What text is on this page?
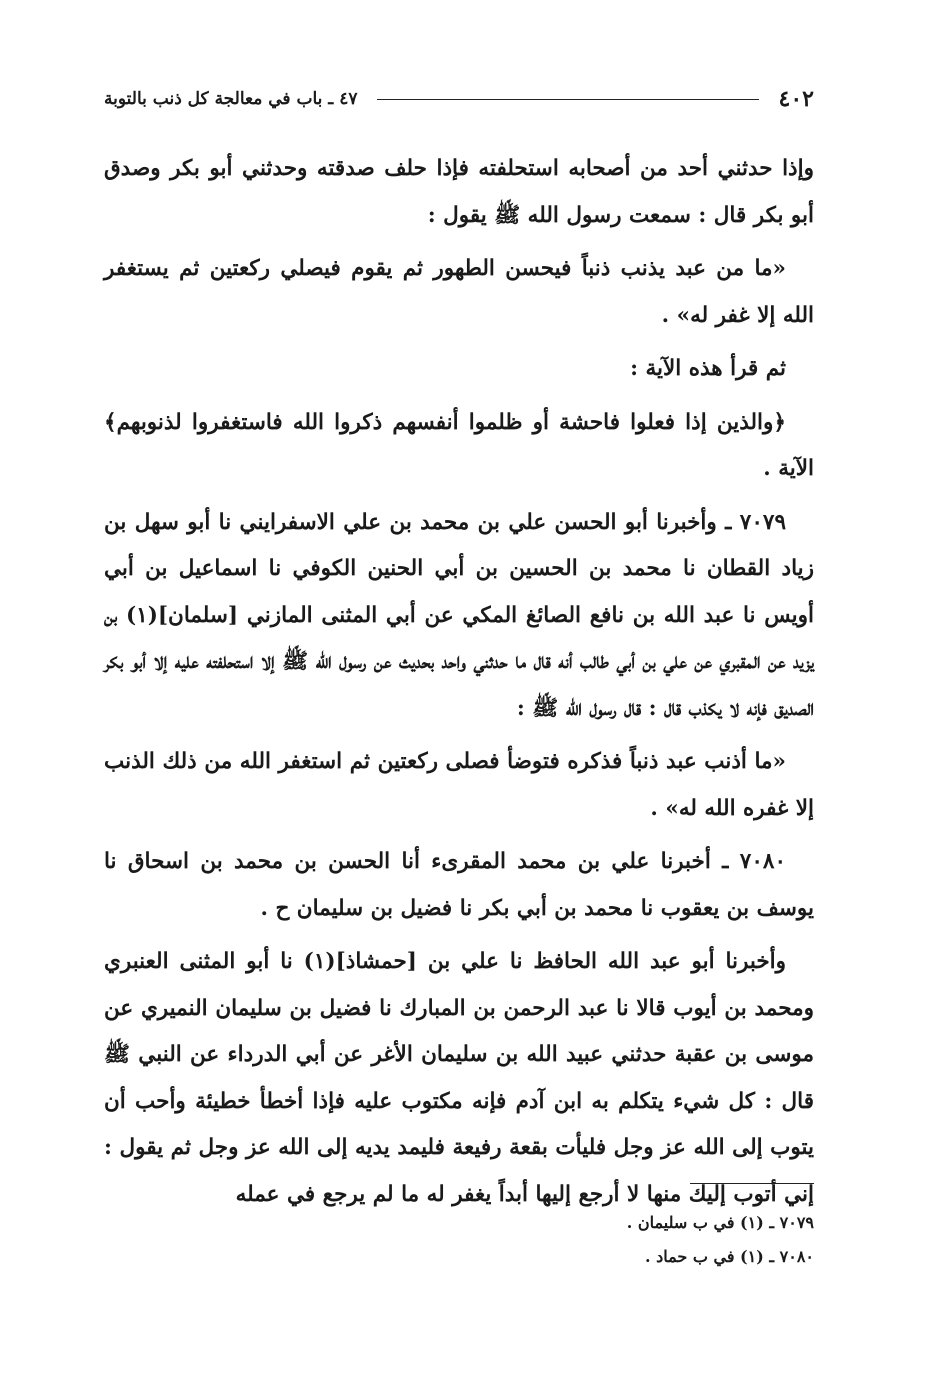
٤٠٢
٤٧ ـ باب في معالجة كل ذنب بالتوبة

وإذا حدثني أحد من أصحابه استحلفته فإذا حلف صدقته وحدثني أبو بكر وصدق أبو بكر قال : سمعت رسول الله ﷺ يقول :

«ما من عبد يذنب ذنباً فيحسن الطهور ثم يقوم فيصلي ركعتين ثم يستغفر الله إلا غفر له» .

ثم قرأ هذه الآية :

﴿والذين إذا فعلوا فاحشة أو ظلموا أنفسهم ذكروا الله فاستغفروا لذنوبهم﴾ الآية .

٧٠٧٩ ـ وأخبرنا أبو الحسن علي بن محمد بن علي الاسفرايني نا أبو سهل بن زياد القطان نا محمد بن الحسين بن أبي الحنين الكوفي نا اسماعيل بن أبي أويس نا عبد الله بن نافع الصائغ المكي عن أبي المثنى المازني [سلمان](١) بن يزيد عن المقبري عن علي بن أبي طالب أنه قال ما حدثني واحد بحديث عن رسول الله ﷺ إلا استحلفته عليه إلا أبو بكر الصديق فإنه لا يكذب قال : قال رسول الله ﷺ :

«ما أذنب عبد ذنباً فذكره فتوضأ فصلى ركعتين ثم استغفر الله من ذلك الذنب إلا غفره الله له» .

٧٠٨٠ ـ أخبرنا علي بن محمد المقرىء أنا الحسن بن محمد بن اسحاق نا يوسف بن يعقوب نا محمد بن أبي بكر نا فضيل بن سليمان ح .

وأخبرنا أبو عبد الله الحافظ نا علي بن [حمشاذ](١) نا أبو المثنى العنبري ومحمد بن أيوب قالا نا عبد الرحمن بن المبارك نا فضيل بن سليمان النميري عن موسى بن عقبة حدثني عبيد الله بن سليمان الأغر عن أبي الدرداء عن النبي ﷺ قال : كل شيء يتكلم به ابن آدم فإنه مكتوب عليه فإذا أخطأ خطيئة وأحب أن يتوب إلى الله عز وجل فليأت بقعة رفيعة فليمد يديه إلى الله عز وجل ثم يقول : إني أتوب إليك منها لا أرجع إليها أبداً يغفر له ما لم يرجع في عمله

٧٠٧٩ ـ (١) في ب سليمان .

٧٠٨٠ ـ (١) في ب حماد .
